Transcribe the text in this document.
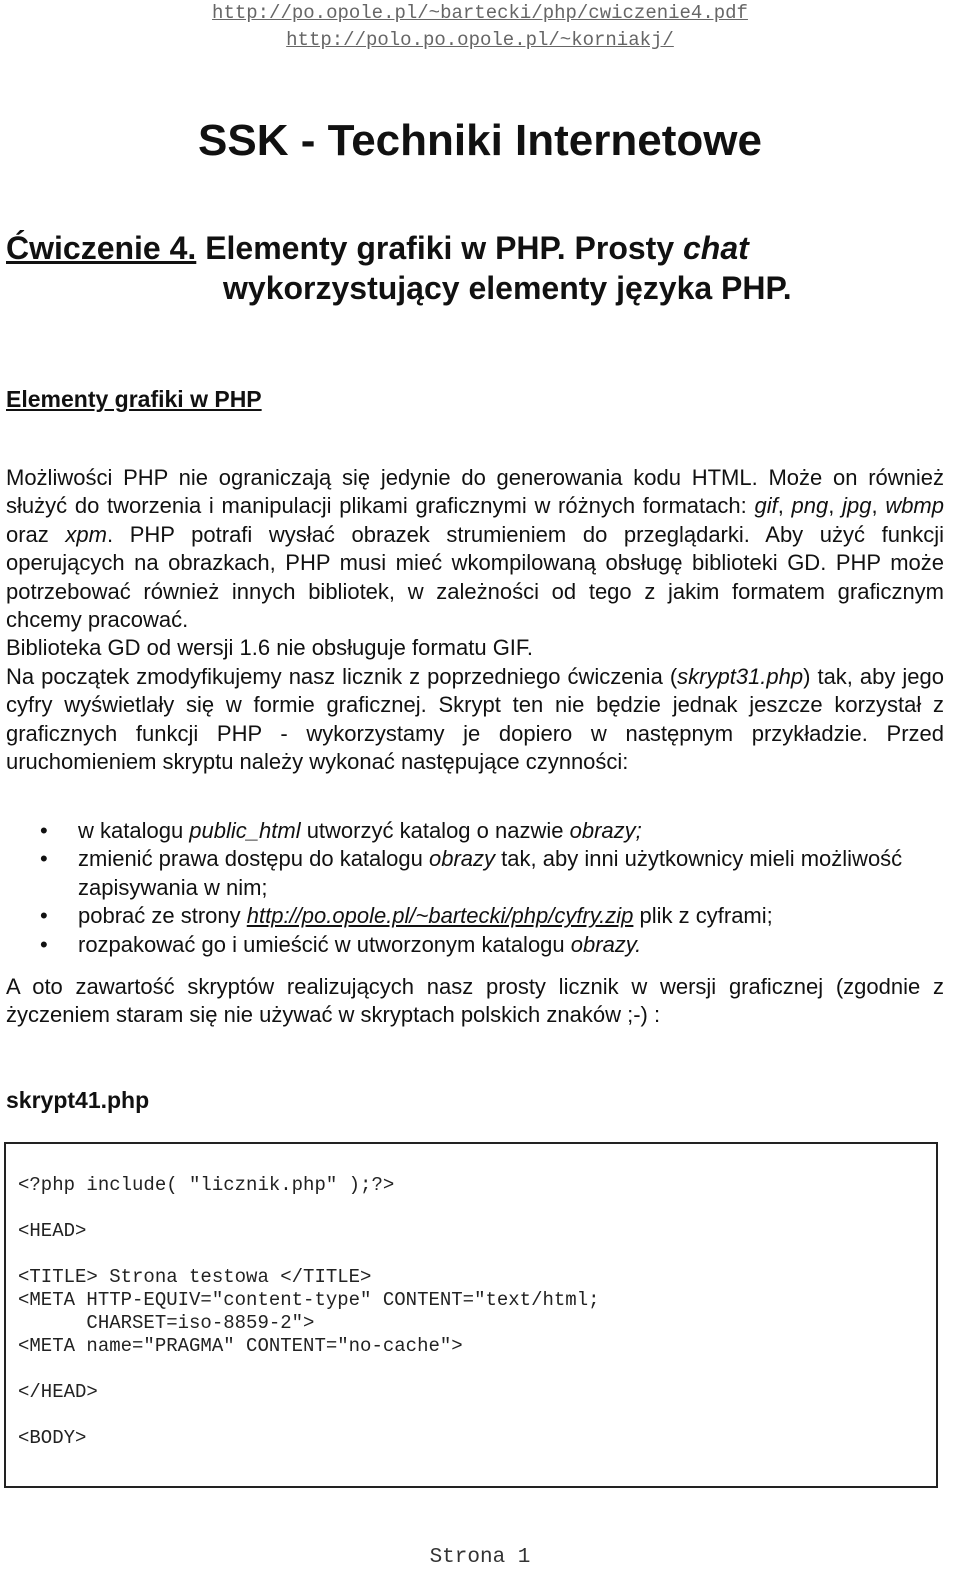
http://po.opole.pl/~bartecki/php/cwiczenie4.pdf
http://polo.po.opole.pl/~korniakj/
SSK - Techniki Internetowe
Ćwiczenie 4. Elementy grafiki w PHP. Prosty chat
wykorzystujący elementy języka PHP.
Elementy grafiki w PHP

Możliwości PHP nie ograniczają się jedynie do generowania kodu HTML. Może on również służyć do tworzenia i manipulacji plikami graficznymi w różnych formatach: gif, png, jpg, wbmp oraz xpm. PHP potrafi wysłać obrazek strumieniem do przeglądarki. Aby użyć funkcji operujących na obrazkach, PHP musi mieć wkompilowaną obsługę biblioteki GD. PHP może potrzebować również innych bibliotek, w zależności od tego z jakim formatem graficznym chcemy pracować.
Biblioteka GD od wersji 1.6 nie obsługuje formatu GIF.
Na początek zmodyfikujemy nasz licznik z poprzedniego ćwiczenia (skrypt31.php) tak, aby jego cyfry wyświetlały się w formie graficznej. Skrypt ten nie będzie jednak jeszcze korzystał z graficznych funkcji PHP - wykorzystamy je dopiero w następnym przykładzie. Przed uruchomieniem skryptu należy wykonać następujące czynności:

• w katalogu public_html utworzyć katalog o nazwie obrazy;
• zmienić prawa dostępu do katalogu obrazy tak, aby inni użytkownicy mieli możliwość zapisywania w nim;
• pobrać ze strony http://po.opole.pl/~bartecki/php/cyfry.zip plik z cyframi;
• rozpakować go i umieścić w utworzonym katalogu obrazy.

A oto zawartość skryptów realizujących nasz prosty licznik w wersji graficznej (zgodnie z życzeniem staram się nie używać w skryptach polskich znaków ;-) :

skrypt41.php
<?php include( "licznik.php" );?>

<HEAD>

<TITLE> Strona testowa </TITLE>
<META HTTP-EQUIV="content-type" CONTENT="text/html;
CHARSET=iso-8859-2">
<META name="PRAGMA" CONTENT="no-cache">

</HEAD>

<BODY>
Strona 1
